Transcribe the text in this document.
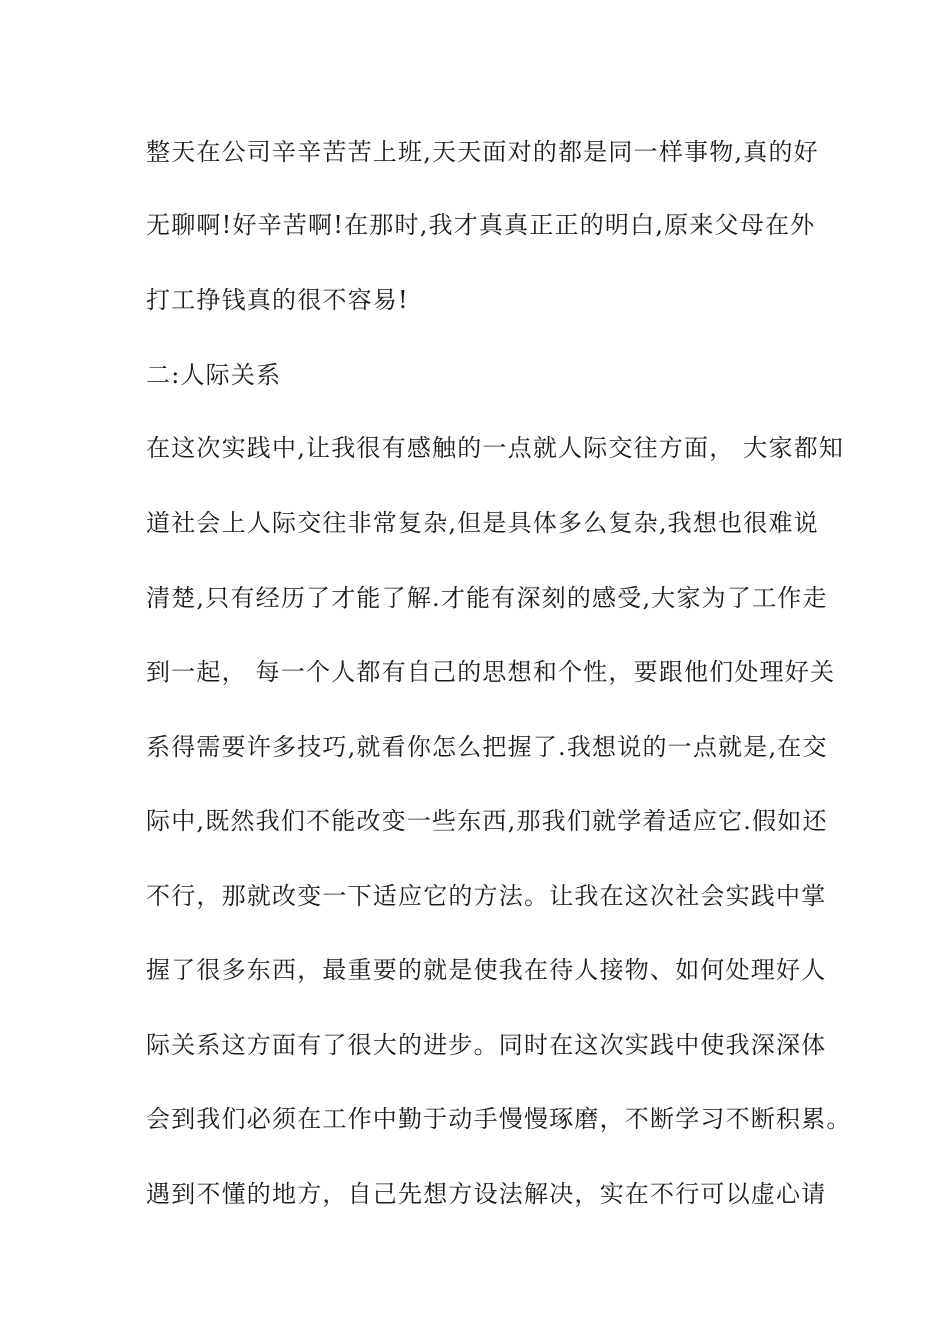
整天在公司辛辛苦苦上班,天天面对的都是同一样事物,真的好
无聊啊!好辛苦啊!在那时,我才真真正正的明白,原来父母在外
打工挣钱真的很不容易!
二:人际关系
在这次实践中,让我很有感触的一点就人际交往方面， 大家都知
道社会上人际交往非常复杂,但是具体多么复杂,我想也很难说
清楚,只有经历了才能了解.才能有深刻的感受,大家为了工作走
到一起， 每一个人都有自己的思想和个性，要跟他们处理好关
系得需要许多技巧,就看你怎么把握了.我想说的一点就是,在交
际中,既然我们不能改变一些东西,那我们就学着适应它.假如还
不行，那就改变一下适应它的方法。让我在这次社会实践中掌
握了很多东西，最重要的就是使我在待人接物、如何处理好人
际关系这方面有了很大的进步。同时在这次实践中使我深深体
会到我们必须在工作中勤于动手慢慢琢磨，不断学习不断积累。
遇到不懂的地方，自己先想方设法解决，实在不行可以虚心请
